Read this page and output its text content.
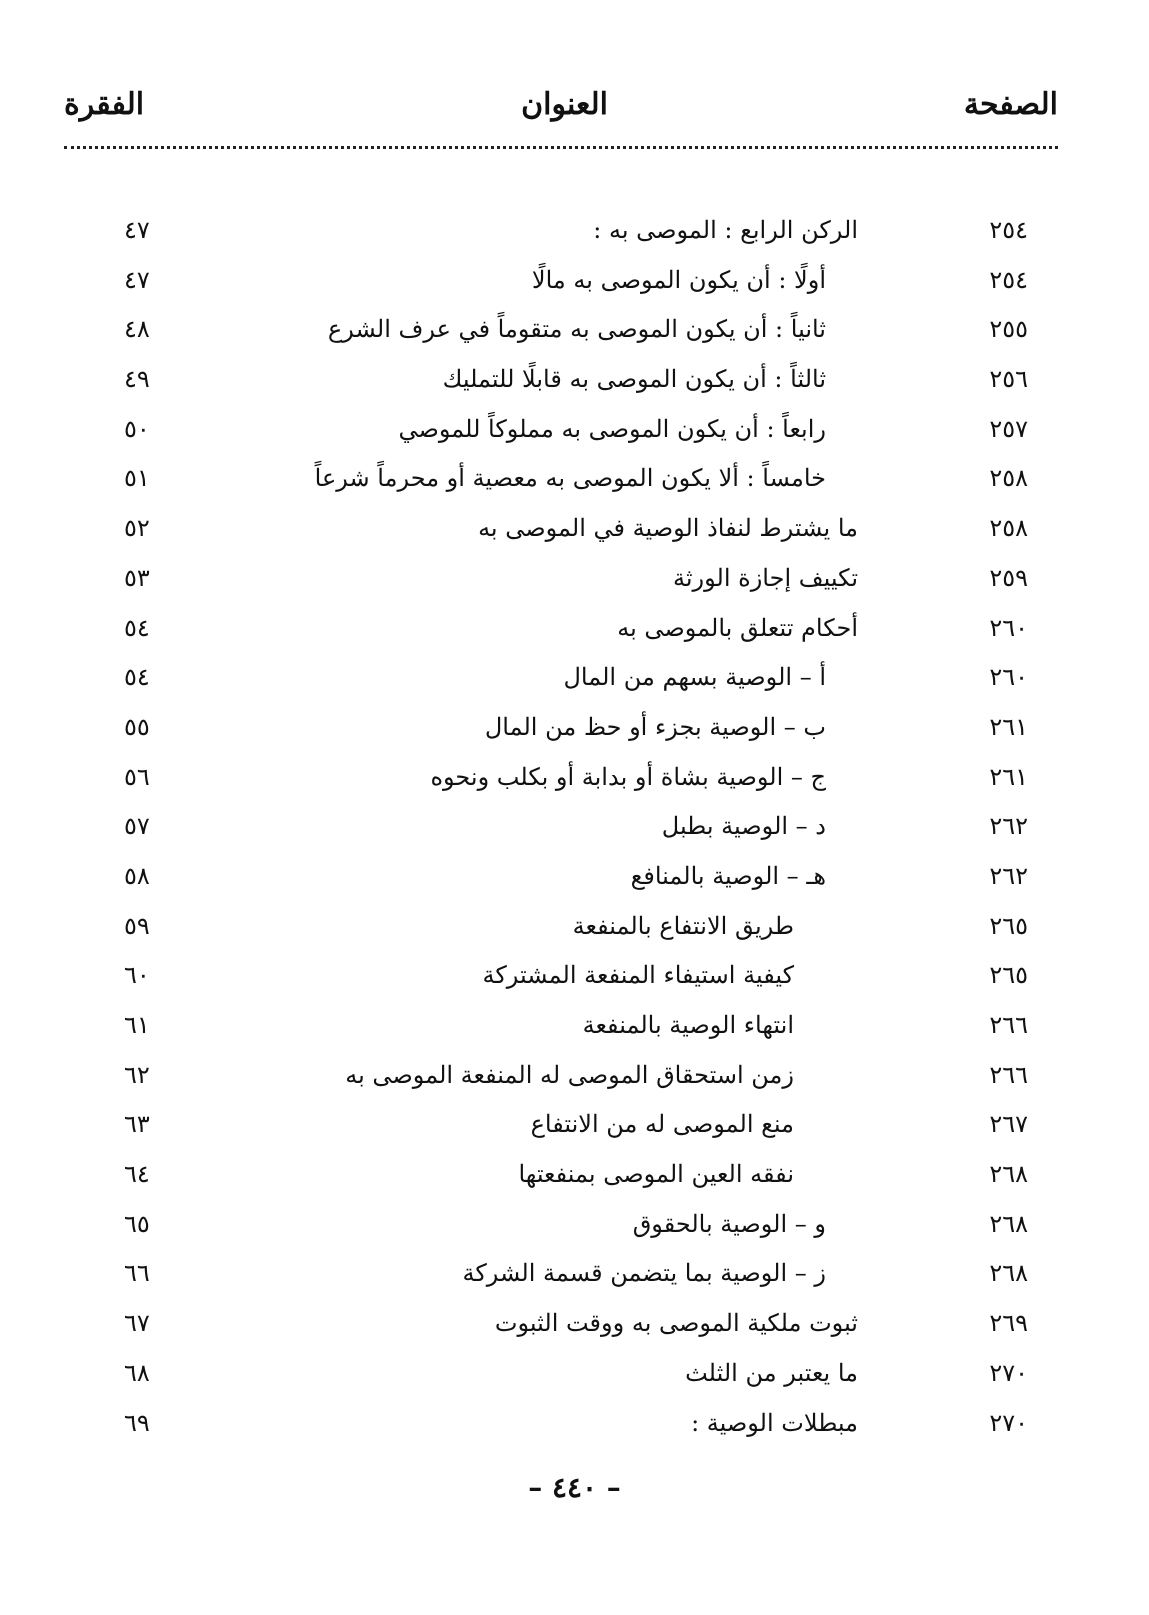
الصفحة
العنوان
الفقرة
٢٥٤
الركن الرابع : الموصى به :
٤٧
٢٥٤
أولًا : أن يكون الموصى به مالًا
٤٧
٢٥٥
ثانياً : أن يكون الموصى به متقوماً في عرف الشرع
٤٨
٢٥٦
ثالثاً : أن يكون الموصى به قابلًا للتمليك
٤٩
٢٥٧
رابعاً : أن يكون الموصى به مملوكاً للموصي
٥٠
٢٥٨
خامساً : ألا يكون الموصى به معصية أو محرماً شرعاً
٥١
٢٥٨
ما يشترط لنفاذ الوصية في الموصى به
٥٢
٢٥٩
تكييف إجازة الورثة
٥٣
٢٦٠
أحكام تتعلق بالموصى به
٥٤
٢٦٠
أ – الوصية بسهم من المال
٥٤
٢٦١
ب – الوصية بجزء أو حظ من المال
٥٥
٢٦١
ج – الوصية بشاة أو بدابة أو بكلب ونحوه
٥٦
٢٦٢
د – الوصية بطبل
٥٧
٢٦٢
هـ – الوصية بالمنافع
٥٨
٢٦٥
طريق الانتفاع بالمنفعة
٥٩
٢٦٥
كيفية استيفاء المنفعة المشتركة
٦٠
٢٦٦
انتهاء الوصية بالمنفعة
٦١
٢٦٦
زمن استحقاق الموصى له المنفعة الموصى به
٦٢
٢٦٧
منع الموصى له من الانتفاع
٦٣
٢٦٨
نفقه العين الموصى بمنفعتها
٦٤
٢٦٨
و – الوصية بالحقوق
٦٥
٢٦٨
ز – الوصية بما يتضمن قسمة الشركة
٦٦
٢٦٩
ثبوت ملكية الموصى به ووقت الثبوت
٦٧
٢٧٠
ما يعتبر من الثلث
٦٨
٢٧٠
مبطلات الوصية :
٦٩
– ٤٤٠ –
